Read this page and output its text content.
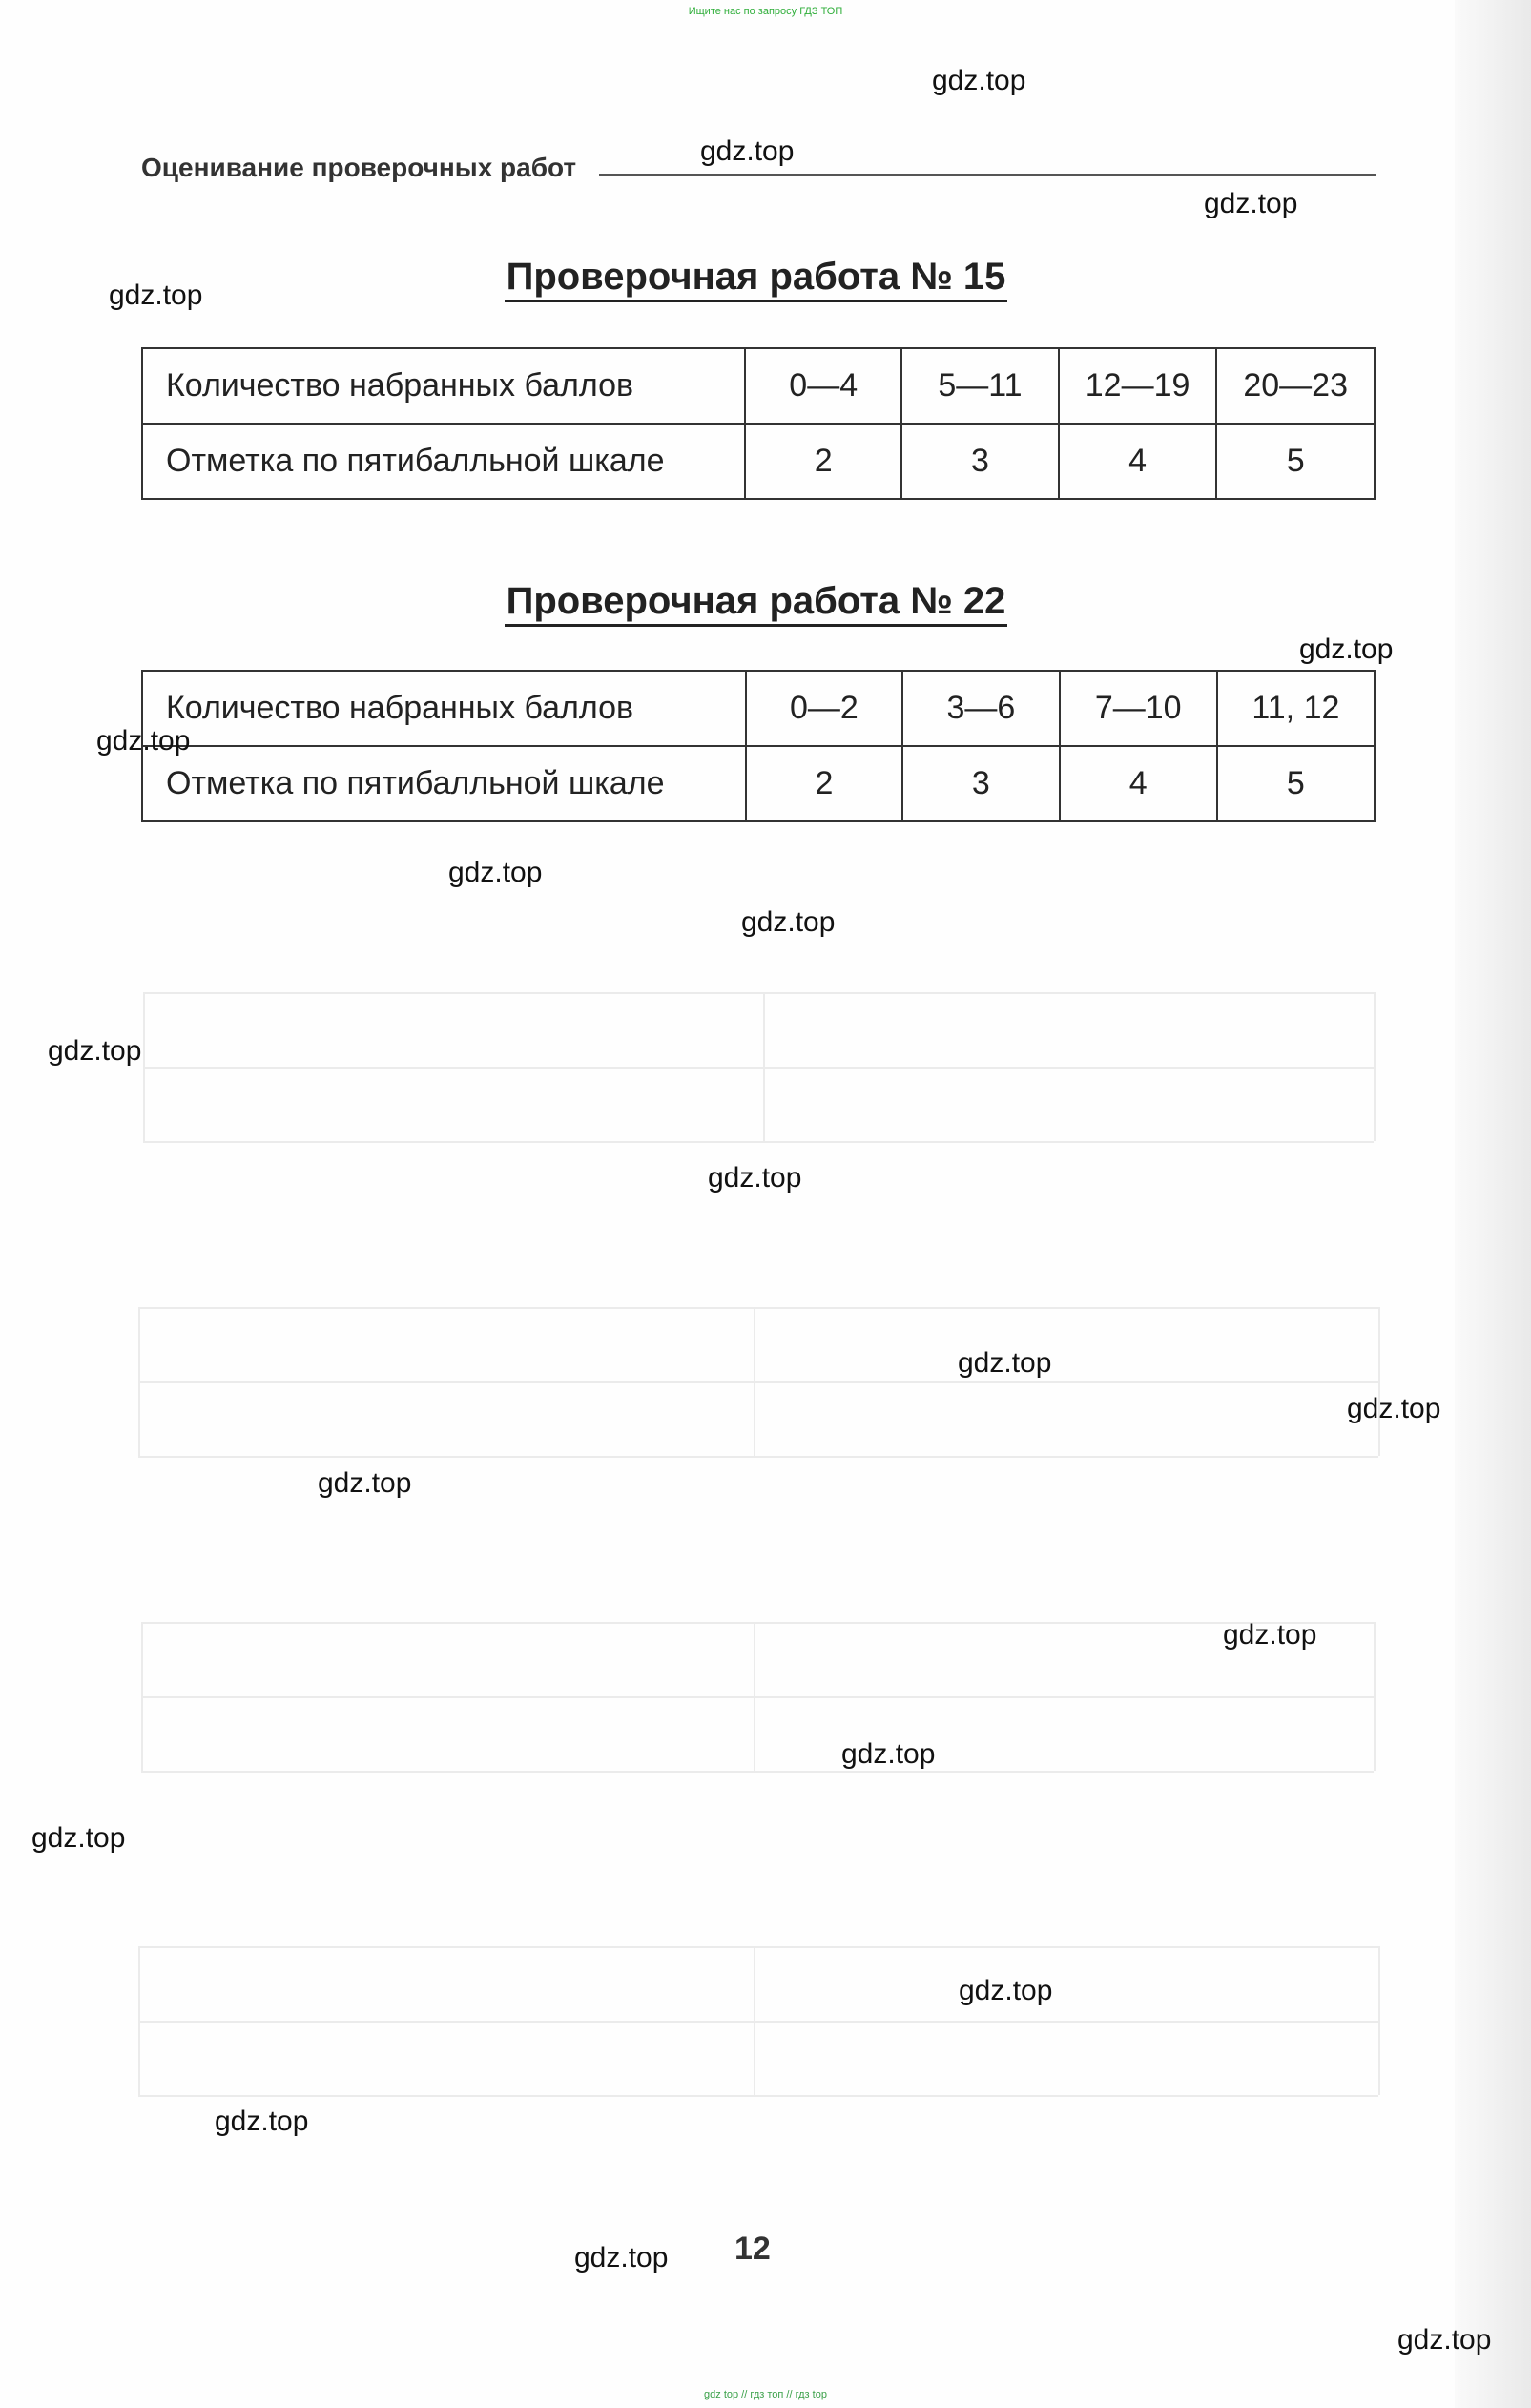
Ищите нас по запросу ГДЗ ТОП
Оценивание проверочных работ
Проверочная работа № 15
Количество набранных баллов	0—4	5—11	12—19	20—23
Отметка по пятибалльной шкале	2	3	4	5
Проверочная работа № 22
Количество набранных баллов	0—2	3—6	7—10	11, 12
Отметка по пятибалльной шкале	2	3	4	5
gdz.top
gdz.top
gdz.top
gdz.top
gdz.top
gdz.top
gdz.top
gdz.top
gdz.top
gdz.top
gdz.top
gdz.top
gdz.top
gdz.top
gdz.top
gdz.top
gdz.top
gdz.top
gdz.top
gdz.top
12
gdz top // гдз топ // гдз top
